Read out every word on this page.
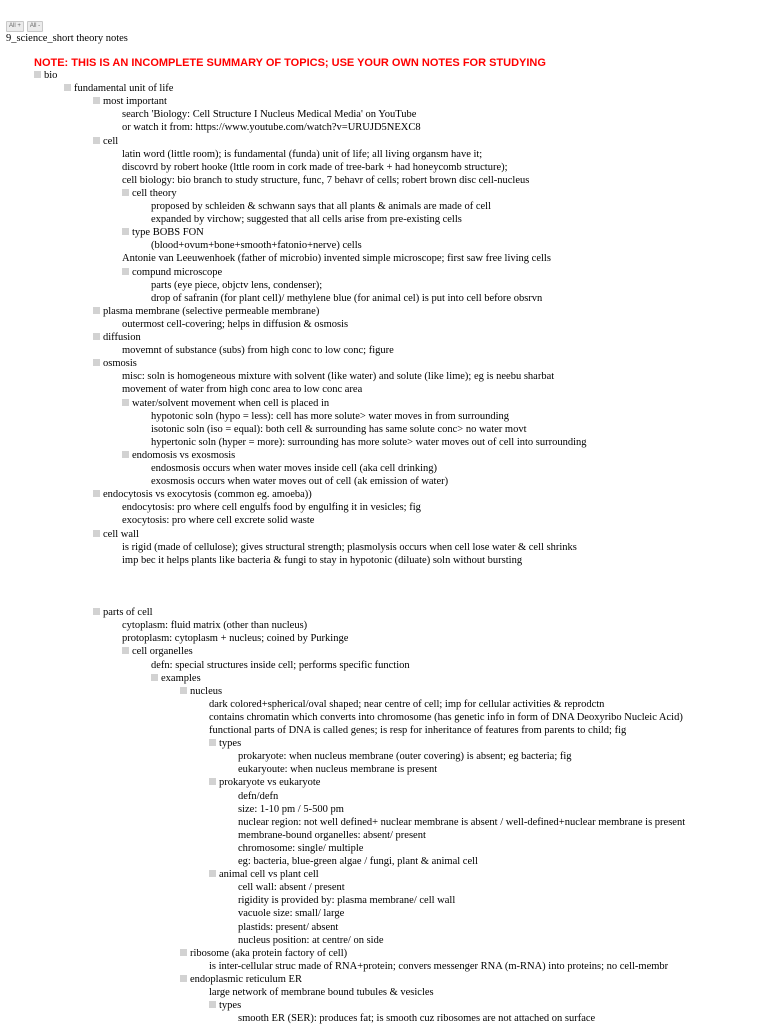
All +	All -
9_science_short theory notes
NOTE: THIS IS AN INCOMPLETE SUMMARY OF TOPICS; USE YOUR OWN NOTES FOR STUDYING
bio
fundamental unit of life
most important
search 'Biology: Cell Structure I Nucleus Medical Media' on YouTube
or watch it from: https://www.youtube.com/watch?v=URUJD5NEXC8
cell
latin word (little room); is fundamental (funda) unit of life; all living organsm have it;
discovrd by robert hooke (lttle room in cork made of tree-bark + had honeycomb structure);
cell biology: bio branch to study structure, func, 7 behavr of cells; robert brown disc cell-nucleus
cell theory
proposed by schleiden & schwann says that all plants & animals are made of cell
expanded by virchow; suggested that all cells arise from pre-existing cells
type BOBS FON
(blood+ovum+bone+smooth+fatonio+nerve) cells
Antonie van Leeuwenhoek (father of microbio) invented simple microscope; first saw free living cells
compund microscope
parts (eye piece, objctv lens, condenser);
drop of safranin (for plant cell)/ methylene blue (for animal cel) is put into cell before obsrvn
plasma membrane (selective permeable membrane)
outermost cell-covering; helps in diffusion & osmosis
diffusion
movemnt of substance (subs) from high conc to low conc; figure
osmosis
misc: soln is homogeneous mixture with solvent (like water) and solute (like lime); eg is neebu sharbat
movement of water from high conc area to low conc area
water/solvent movement when cell is placed in
hypotonic soln (hypo = less): cell has more solute> water moves in from surrounding
isotonic soln (iso = equal): both cell & surrounding has same solute conc> no water movt
hypertonic soln (hyper = more): surrounding has more solute> water moves out of cell into surrounding
endomosis vs exosmosis
endosmosis occurs when water moves inside cell (aka cell drinking)
exosmosis occurs when water moves out of cell (ak emission of water)
endocytosis vs exocytosis (common eg. amoeba))
endocytosis: pro where cell engulfs food by engulfing it in vesicles; fig
exocytosis: pro where cell excrete solid waste
cell wall
is rigid (made of cellulose); gives structural strength; plasmolysis occurs when cell lose water & cell shrinks
imp bec it helps plants like bacteria & fungi to stay in hypotonic (diluate) soln without bursting
parts of cell
cytoplasm: fluid matrix (other than nucleus)
protoplasm: cytoplasm + nucleus; coined by Purkinge
cell organelles
defn: special structures inside cell; performs specific function
examples
nucleus
dark colored+spherical/oval shaped; near centre of cell; imp for cellular activities & reprodctn
contains chromatin which converts into chromosome (has genetic info in form of DNA Deoxyribo Nucleic Acid)
functional parts of DNA is called genes; is resp for inheritance of features from parents to child; fig
types
prokaryote: when nucleus membrane (outer covering) is absent; eg bacteria; fig
eukaryoute: when nucleus membrane is present
prokaryote vs eukaryote
defn/defn
size: 1-10 pm / 5-500 pm
nuclear region: not well defined+ nuclear membrane is absent / well-defined+nuclear membrane is present
membrane-bound organelles: absent/ present
chromosome: single/ multiple
eg: bacteria, blue-green algae / fungi, plant & animal cell
animal cell vs plant cell
cell wall: absent / present
rigidity is provided by: plasma membrane/ cell wall
vacuole size: small/ large
plastids: present/ absent
nucleus position: at centre/ on side
ribosome (aka protein factory of cell)
is inter-cellular struc made of RNA+protein; convers messenger RNA (m-RNA) into proteins; no cell-membr
endoplasmic reticulum ER
large network of membrane bound tubules & vesicles
types
smooth ER (SER): produces fat; is smooth cuz ribosomes are not attached on surface
